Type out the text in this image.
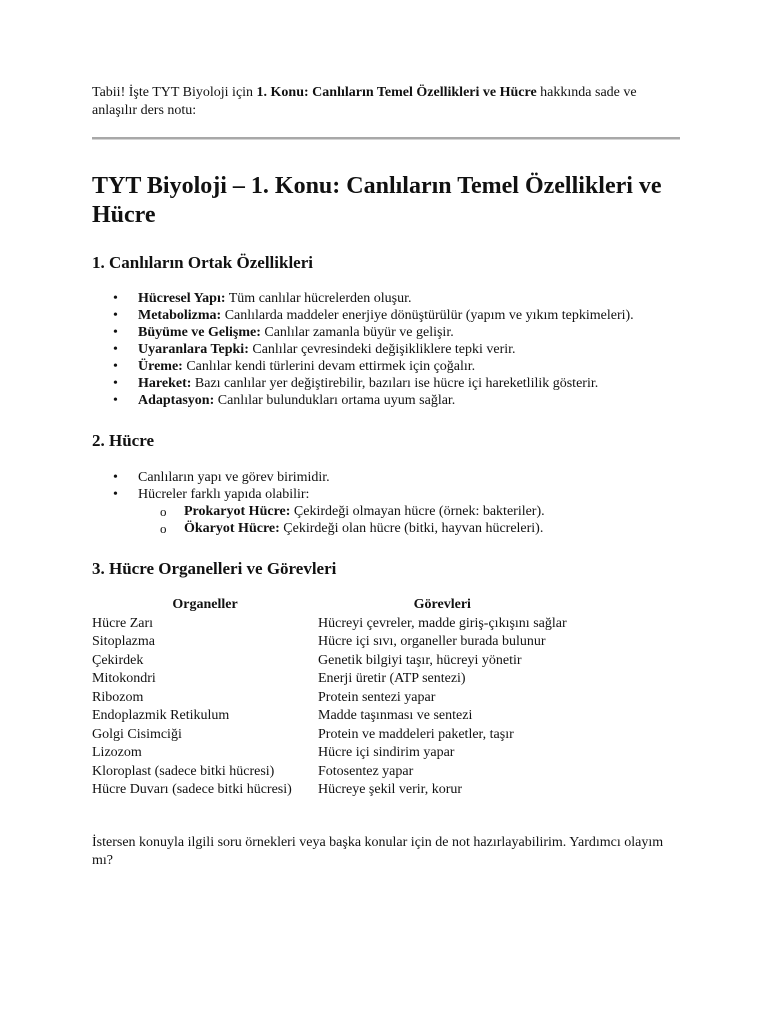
Tabii! İşte TYT Biyoloji için 1. Konu: Canlıların Temel Özellikleri ve Hücre hakkında sade ve anlaşılır ders notu:

TYT Biyoloji – 1. Konu: Canlıların Temel Özellikleri ve Hücre
1. Canlıların Ortak Özellikleri
• Hücresel Yapı: Tüm canlılar hücrelerden oluşur.
• Metabolizma: Canlılarda maddeler enerjiye dönüştürülür (yapım ve yıkım tepkimeleri).
• Büyüme ve Gelişme: Canlılar zamanla büyür ve gelişir.
• Uyaranlara Tepki: Canlılar çevresindeki değişikliklere tepki verir.
• Üreme: Canlılar kendi türlerini devam ettirmek için çoğalır.
• Hareket: Bazı canlılar yer değiştirebilir, bazıları ise hücre içi hareketlilik gösterir.
• Adaptasyon: Canlılar bulundukları ortama uyum sağlar.
2. Hücre
• Canlıların yapı ve görev birimidir.
• Hücreler farklı yapıda olabilir:
o Prokaryot Hücre: Çekirdeği olmayan hücre (örnek: bakteriler).
o Ökaryot Hücre: Çekirdeği olan hücre (bitki, hayvan hücreleri).
3. Hücre Organelleri ve Görevleri
Organeller	Görevleri
Hücre Zarı	Hücreyi çevreler, madde giriş-çıkışını sağlar
Sitoplazma	Hücre içi sıvı, organeller burada bulunur
Çekirdek	Genetik bilgiyi taşır, hücreyi yönetir
Mitokondri	Enerji üretir (ATP sentezi)
Ribozom	Protein sentezi yapar
Endoplazmik Retikulum	Madde taşınması ve sentezi
Golgi Cisimciği	Protein ve maddeleri paketler, taşır
Lizozom	Hücre içi sindirim yapar
Kloroplast (sadece bitki hücresi)	Fotosentez yapar
Hücre Duvarı (sadece bitki hücresi)	Hücreye şekil verir, korur

İstersen konuyla ilgili soru örnekleri veya başka konular için de not hazırlayabilirim. Yardımcı olayım mı?
